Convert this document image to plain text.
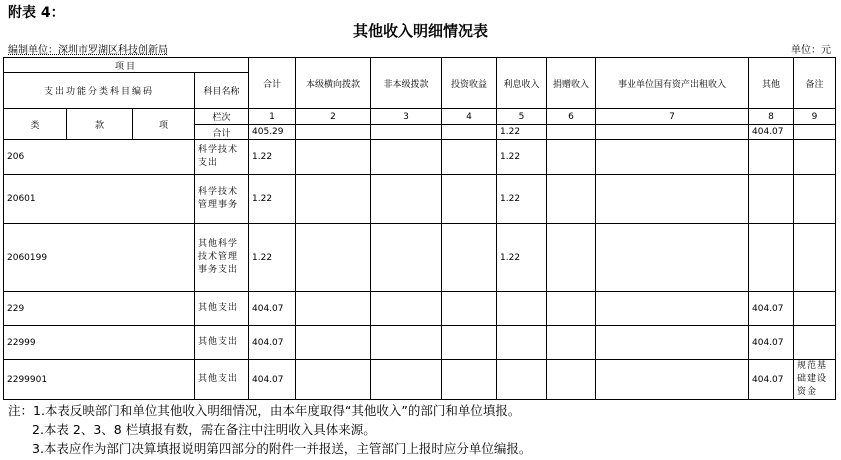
附表 4：
其他收入明细情况表
编制单位：深圳市罗湖区科技创新局	单位：元
项目				合计	本级横向拨款	非本级拨款	投资收益	利息收入	捐赠收入	事业单位国有资产出租收入	其他	备注
支出功能分类科目编码			科目名称									
类	款	项	栏次	1	2	3	4	5	6	7	8	9
			合计	405.29				1.22			404.07	
206			科学技术支出	1.22				1.22				
20601			科学技术管理事务	1.22				1.22				
2060199			其他科学技术管理事务支出	1.22				1.22				
229			其他支出	404.07							404.07	
22999			其他支出	404.07							404.07	
2299901			其他支出	404.07							404.07	规范基础建设资金
注：1.本表反映部门和单位其他收入明细情况，由本年度取得“其他收入”的部门和单位填报。
2.本表 2、3、8 栏填报有数，需在备注中注明收入具体来源。
3.本表应作为部门决算填报说明第四部分的附件一并报送，主管部门上报时应分单位编报。
